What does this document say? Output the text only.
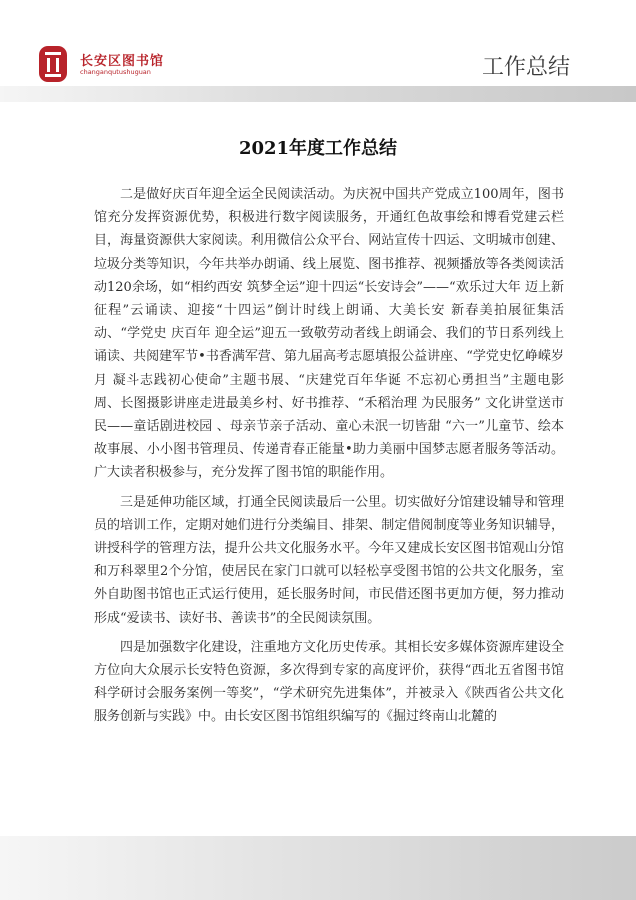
长安区图书馆
changanqutushuguan	工作总结
2021年度工作总结

二是做好庆百年迎全运全民阅读活动。为庆祝中国共产党成立100周年，图书馆充分发挥资源优势，积极进行数字阅读服务，开通红色故事绘和博看党建云栏目，海量资源供大家阅读。利用微信公众平台、网站宣传十四运、文明城市创建、垃圾分类等知识，今年共举办朗诵、线上展览、图书推荐、视频播放等各类阅读活动120余场，如“相约西安 筑梦全运”迎十四运“长安诗会”——“欢乐过大年 迈上新征程”云诵读、迎接“十四运”倒计时线上朗诵、大美长安 新春美拍展征集活动、“学党史 庆百年 迎全运”迎五一致敬劳动者线上朗诵会、我们的节日系列线上诵读、共阅建军节•书香满军营、第九届高考志愿填报公益讲座、“学党史忆峥嵘岁月 凝斗志践初心使命”主题书展、“庆建党百年华诞 不忘初心勇担当”主题电影周、长图摄影讲座走进最美乡村、好书推荐、“禾稻治理 为民服务” 文化讲堂送市民——童话剧进校园 、母亲节亲子活动、童心未泯一切皆甜 “六一”儿童节、绘本故事展、小小图书管理员、传递青春正能量•助力美丽中国梦志愿者服务等活动。广大读者积极参与，充分发挥了图书馆的职能作用。

三是延伸功能区域，打通全民阅读最后一公里。切实做好分馆建设辅导和管理员的培训工作，定期对她们进行分类编目、排架、制定借阅制度等业务知识辅导，讲授科学的管理方法，提升公共文化服务水平。今年又建成长安区图书馆观山分馆和万科翠里2个分馆，使居民在家门口就可以轻松享受图书馆的公共文化服务，室外自助图书馆也正式运行使用，延长服务时间，市民借还图书更加方便，努力推动形成“爱读书、读好书、善读书”的全民阅读氛围。

四是加强数字化建设，注重地方文化历史传承。其相长安多媒体资源库建设全方位向大众展示长安特色资源，多次得到专家的高度评价，获得“西北五省图书馆科学研讨会服务案例一等奖”，“学术研究先进集体”，并被录入《陕西省公共文化服务创新与实践》中。由长安区图书馆组织编写的《掘过终南山北麓的
